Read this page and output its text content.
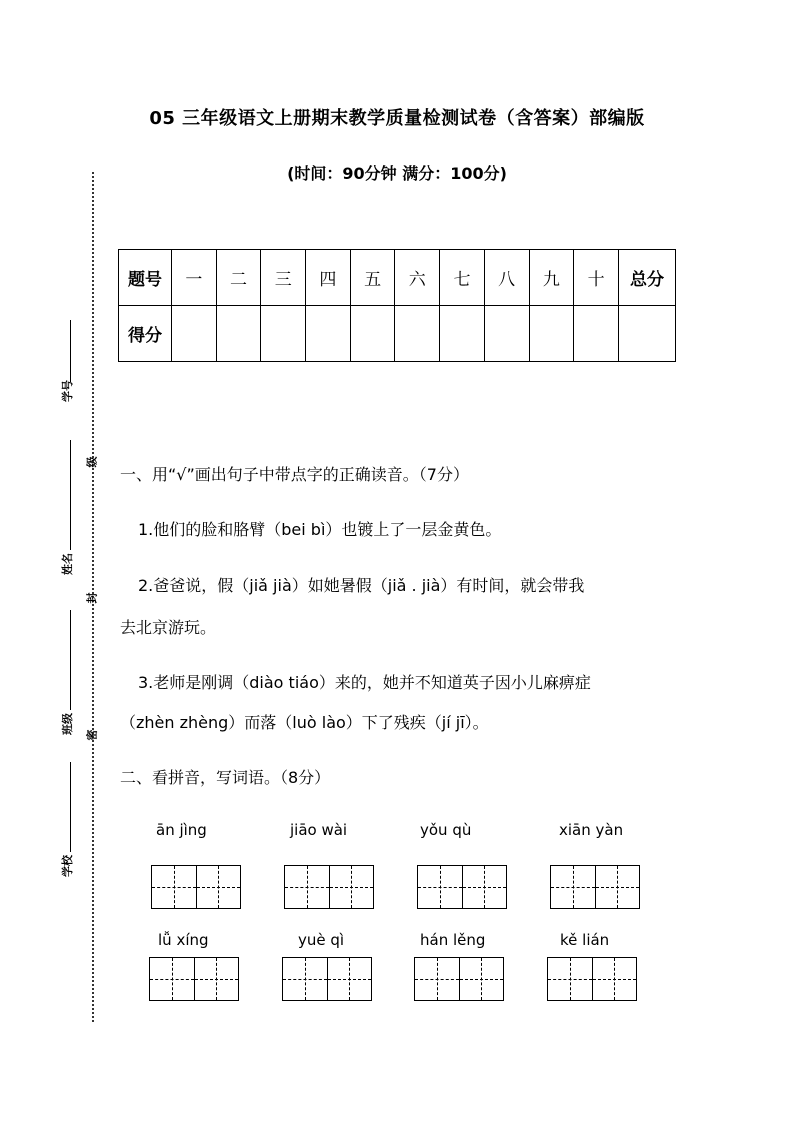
05 三年级语文上册期末教学质量检测试卷（含答案）部编版
(时间：90分钟 满分：100分)
学号
级
姓名
封
班级 密
学校
题号	一	二	三	四	五	六	七	八	九	十	总分
得分											
一、用“√”画出句子中带点字的正确读音。（7分）
1.他们的脸和胳臂（bei bì）也镀上了一层金黄色。
2.爸爸说，假（jiǎ jià）如她暑假（jiǎ . jià）有时间，就会带我
去北京游玩。
3.老师是刚调（diào tiáo）来的，她并不知道英子因小儿麻痹症
（zhèn zhèng）而落（luò lào）下了残疾（jí jī）。
二、看拼音，写词语。（8分）
ān jìng	jiāo wài	yǒu qù	xiān yàn
lǚ xíng	yuè qì	hán lěng	kě lián
